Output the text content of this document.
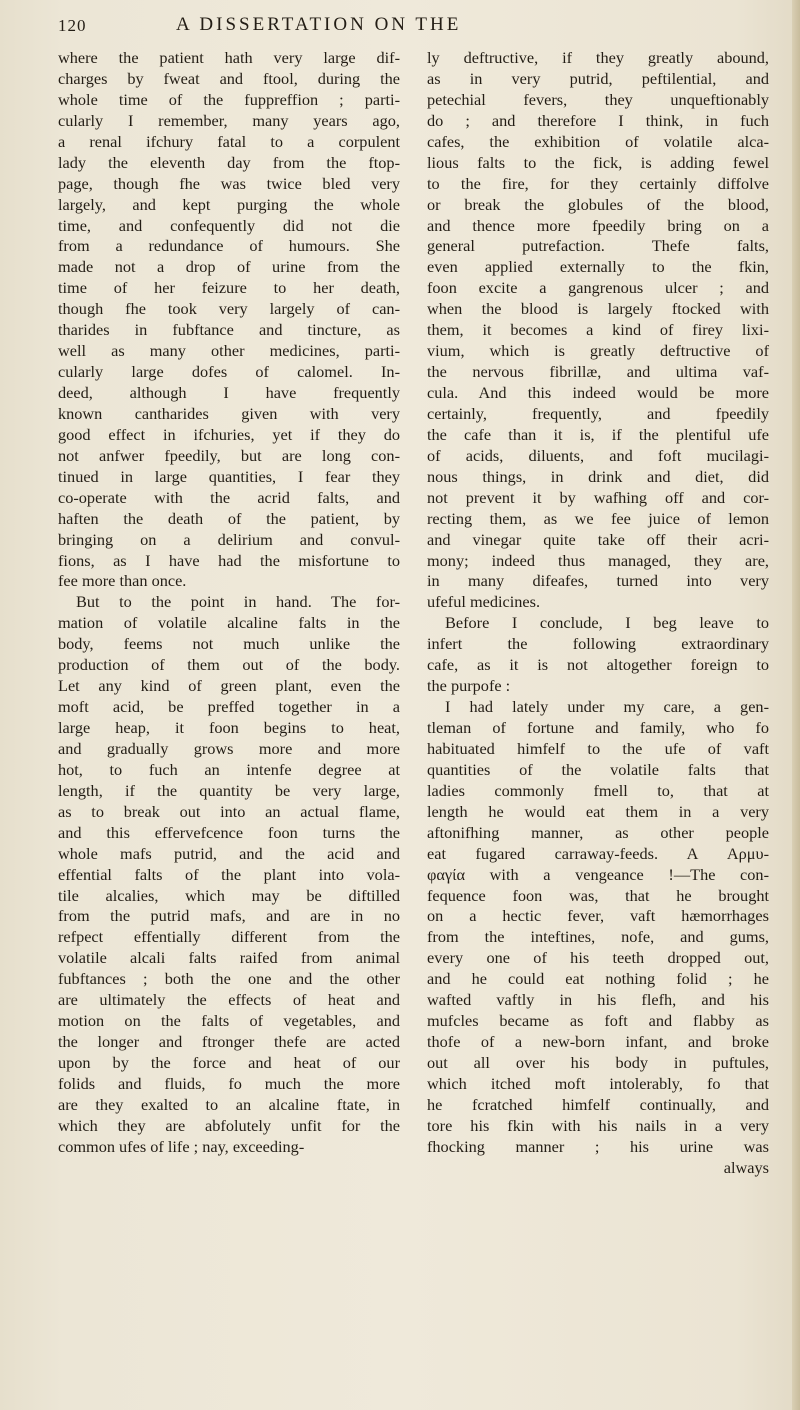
120	A DISSERTATION ON THE
where the patient hath very large dif-
charges by fweat and ftool, during the
whole time of the fuppreffion ; parti-
cularly I remember, many years ago,
a renal ifchury fatal to a corpulent
lady the eleventh day from the ftop-
page, though fhe was twice bled very
largely, and kept purging the whole
time, and confequently did not die
from a redundance of humours. She
made not a drop of urine from the
time of her feizure to her death,
though fhe took very largely of can-
tharides in fubftance and tincture, as
well as many other medicines, parti-
cularly large dofes of calomel. In-
deed, although I have frequently
known cantharides given with very
good effect in ifchuries, yet if they do
not anfwer fpeedily, but are long con-
tinued in large quantities, I fear they
co-operate with the acrid falts, and
haften the death of the patient, by
bringing on a delirium and convul-
fions, as I have had the misfortune to
fee more than once.
But to the point in hand. The for-
mation of volatile alcaline falts in the
body, feems not much unlike the
production of them out of the body.
Let any kind of green plant, even the
moft acid, be preffed together in a
large heap, it foon begins to heat,
and gradually grows more and more
hot, to fuch an intenfe degree at
length, if the quantity be very large,
as to break out into an actual flame,
and this effervefcence foon turns the
whole mafs putrid, and the acid and
effential falts of the plant into vola-
tile alcalies, which may be diftilled
from the putrid mafs, and are in no
refpect effentially different from the
volatile alcali falts raifed from animal
fubftances ; both the one and the other
are ultimately the effects of heat and
motion on the falts of vegetables, and
the longer and ftronger thefe are acted
upon by the force and heat of our
folids and fluids, fo much the more
are they exalted to an alcaline ftate, in
which they are abfolutely unfit for the
common ufes of life ; nay, exceeding-
ly deftructive, if they greatly abound,
as in very putrid, peftilential, and
petechial fevers, they unqueftionably
do ; and therefore I think, in fuch
cafes, the exhibition of volatile alca-
lious falts to the fick, is adding fewel
to the fire, for they certainly diffolve
or break the globules of the blood,
and thence more fpeedily bring on a
general putrefaction. Thefe falts,
even applied externally to the fkin,
foon excite a gangrenous ulcer ; and
when the blood is largely ftocked with
them, it becomes a kind of firey lixi-
vium, which is greatly deftructive of
the nervous fibrillæ, and ultima vaf-
cula. And this indeed would be more
certainly, frequently, and fpeedily
the cafe than it is, if the plentiful ufe
of acids, diluents, and foft mucilagi-
nous things, in drink and diet, did
not prevent it by wafhing off and cor-
recting them, as we fee juice of lemon
and vinegar quite take off their acri-
mony; indeed thus managed, they are,
in many difeafes, turned into very
ufeful medicines.
Before I conclude, I beg leave to
infert the following extraordinary
cafe, as it is not altogether foreign to
the purpofe :
I had lately under my care, a gen-
tleman of fortune and family, who fo
habituated himfelf to the ufe of vaft
quantities of the volatile falts that
ladies commonly fmell to, that at
length he would eat them in a very
aftonifhing manner, as other people
eat fugared carraway-feeds. A Αρμυ-
φαγία with a vengeance !—The con-
fequence foon was, that he brought
on a hectic fever, vaft hæmorrhages
from the inteftines, nofe, and gums,
every one of his teeth dropped out,
and he could eat nothing folid ; he
wafted vaftly in his flefh, and his
mufcles became as foft and flabby as
thofe of a new-born infant, and broke
out all over his body in puftules,
which itched moft intolerably, fo that
he fcratched himfelf continually, and
tore his fkin with his nails in a very
fhocking manner ; his urine was
always
